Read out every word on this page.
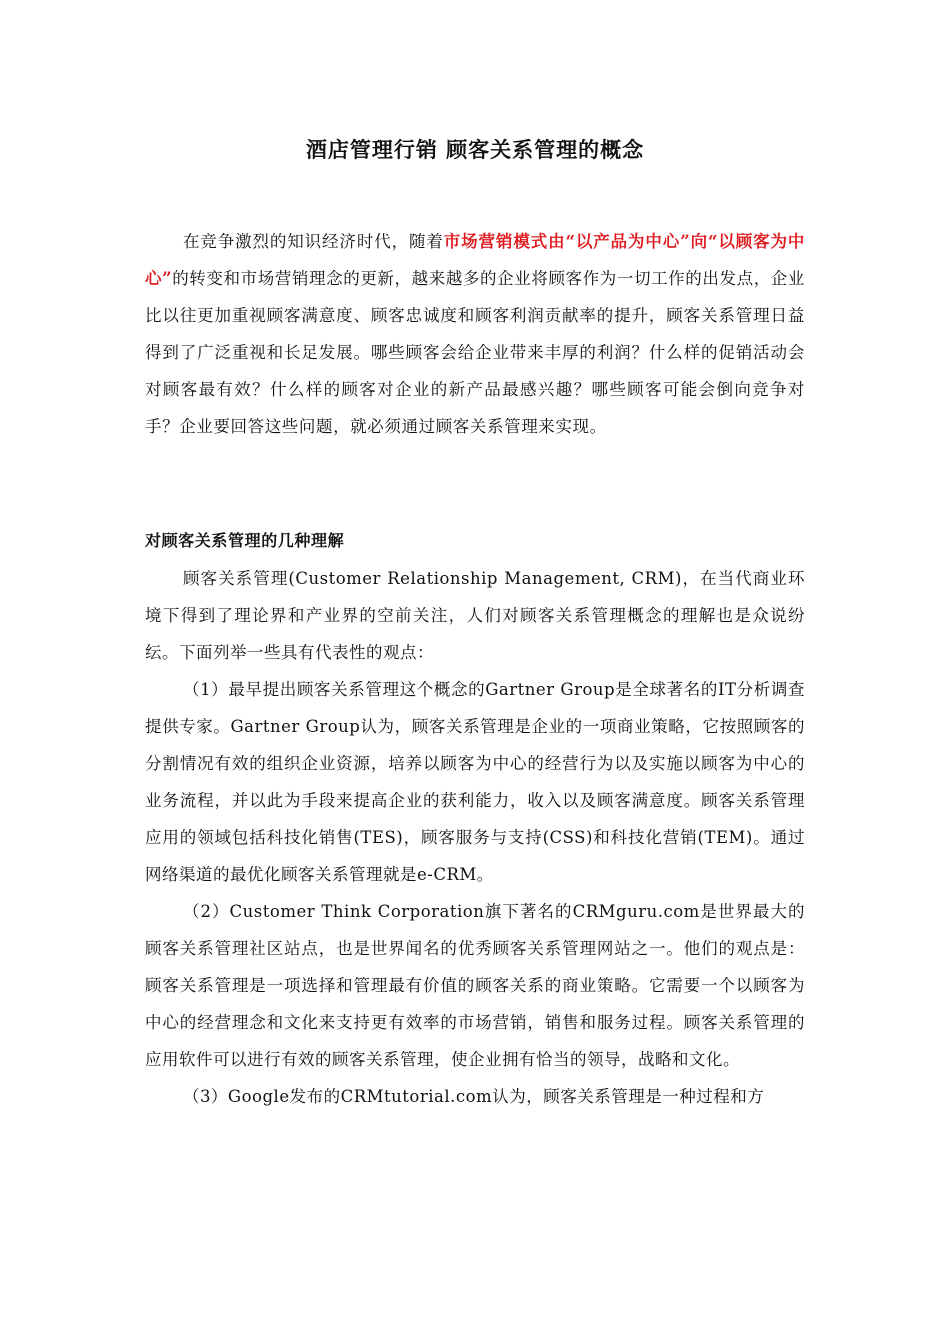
酒店管理行销 顾客关系管理的概念

在竞争激烈的知识经济时代，随着市场营销模式由“以产品为中心”向“以顾客为中心”的转变和市场营销理念的更新，越来越多的企业将顾客作为一切工作的出发点，企业比以往更加重视顾客满意度、顾客忠诚度和顾客利润贡献率的提升，顾客关系管理日益得到了广泛重视和长足发展。哪些顾客会给企业带来丰厚的利润？什么样的促销活动会对顾客最有效？什么样的顾客对企业的新产品最感兴趣？哪些顾客可能会倒向竞争对手？企业要回答这些问题，就必须通过顾客关系管理来实现。

对顾客关系管理的几种理解

顾客关系管理(Customer Relationship Management, CRM)，在当代商业环境下得到了理论界和产业界的空前关注，人们对顾客关系管理概念的理解也是众说纷纭。下面列举一些具有代表性的观点：

（1）最早提出顾客关系管理这个概念的Gartner Group是全球著名的IT分析调查提供专家。Gartner Group认为，顾客关系管理是企业的一项商业策略，它按照顾客的分割情况有效的组织企业资源，培养以顾客为中心的经营行为以及实施以顾客为中心的业务流程，并以此为手段来提高企业的获利能力，收入以及顾客满意度。顾客关系管理应用的领域包括科技化销售(TES)，顾客服务与支持(CSS)和科技化营销(TEM)。通过网络渠道的最优化顾客关系管理就是e-CRM。

（2）Customer Think Corporation旗下著名的CRMguru.com是世界最大的顾客关系管理社区站点，也是世界闻名的优秀顾客关系管理网站之一。他们的观点是：顾客关系管理是一项选择和管理最有价值的顾客关系的商业策略。它需要一个以顾客为中心的经营理念和文化来支持更有效率的市场营销，销售和服务过程。顾客关系管理的应用软件可以进行有效的顾客关系管理，使企业拥有恰当的领导，战略和文化。

（3）Google发布的CRMtutorial.com认为，顾客关系管理是一种过程和方
